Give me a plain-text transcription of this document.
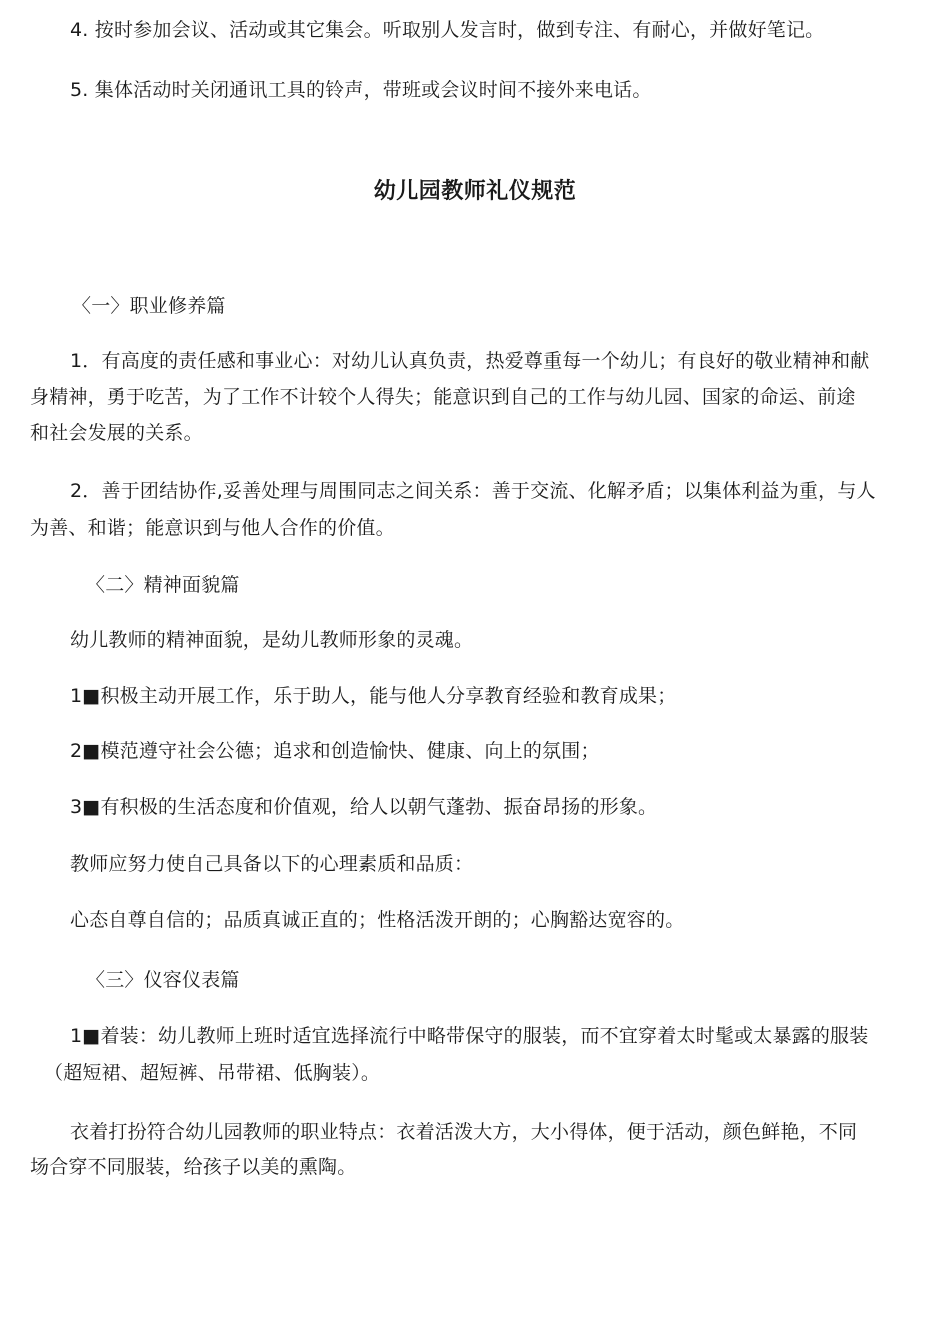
4. 按时参加会议、活动或其它集会。听取别人发言时，做到专注、有耐心，并做好笔记。
5. 集体活动时关闭通讯工具的铃声，带班或会议时间不接外来电话。
幼儿园教师礼仪规范
〈一〉职业修养篇
1．有高度的责任感和事业心：对幼儿认真负责，热爱尊重每一个幼儿；有良好的敬业精神和献
身精神，勇于吃苦，为了工作不计较个人得失；能意识到自己的工作与幼儿园、国家的命运、前途
和社会发展的关系。
2．善于团结协作,妥善处理与周围同志之间关系：善于交流、化解矛盾；以集体利益为重，与人
为善、和谐；能意识到与他人合作的价值。
〈二〉精神面貌篇
幼儿教师的精神面貌，是幼儿教师形象的灵魂。
1■积极主动开展工作，乐于助人，能与他人分享教育经验和教育成果；
2■模范遵守社会公德；追求和创造愉快、健康、向上的氛围；
3■有积极的生活态度和价值观，给人以朝气蓬勃、振奋昂扬的形象。
教师应努力使自己具备以下的心理素质和品质：
心态自尊自信的；品质真诚正直的；性格活泼开朗的；心胸豁达宽容的。
〈三〉仪容仪表篇
1■着装：幼儿教师上班时适宜选择流行中略带保守的服装，而不宜穿着太时髦或太暴露的服装
（超短裙、超短裤、吊带裙、低胸装）。
衣着打扮符合幼儿园教师的职业特点：衣着活泼大方，大小得体，便于活动，颜色鲜艳，不同
场合穿不同服装，给孩子以美的熏陶。
